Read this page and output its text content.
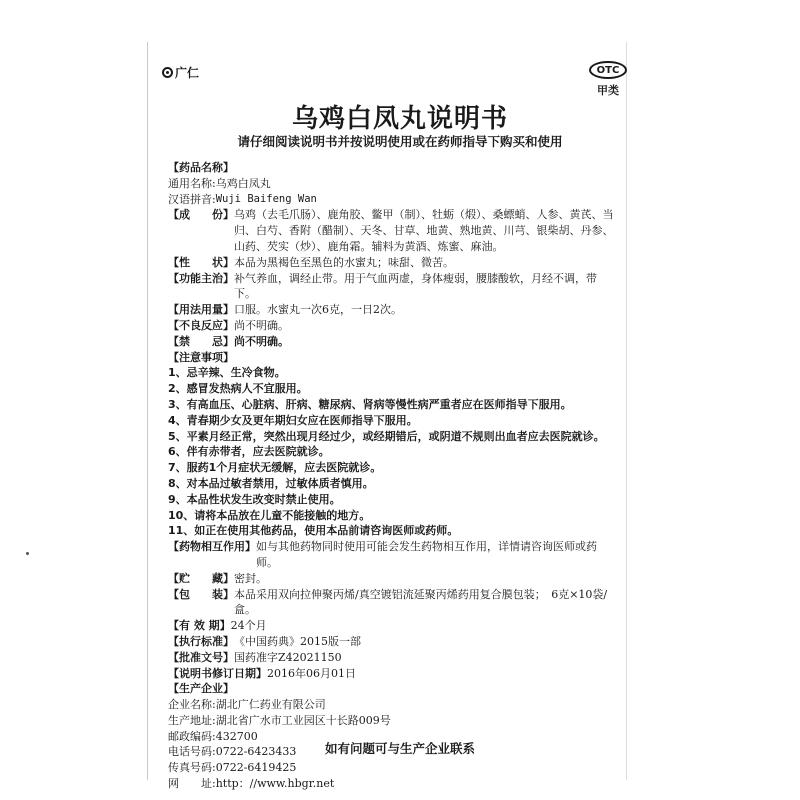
广仁	OTC
甲类
乌鸡白凤丸说明书
请仔细阅读说明书并按说明使用或在药师指导下购买和使用
【药品名称】
通用名称: 乌鸡白凤丸
汉语拼音: Wuji Baifeng Wan
【成　　份】 乌鸡（去毛爪肠）、鹿角胶、鳖甲（制）、牡蛎（煅）、桑螵蛸、人参、黄芪、当归、白芍、香附（醋制）、天冬、甘草、地黄、熟地黄、川芎、银柴胡、丹参、山药、芡实（炒）、鹿角霜。辅料为黄酒、炼蜜、麻油。
【性　　状】 本品为黑褐色至黑色的水蜜丸；味甜、微苦。
【功能主治】 补气养血，调经止带。用于气血两虚，身体瘦弱，腰膝酸软，月经不调，带下。
【用法用量】 口服。水蜜丸一次6克，一日2次。
【不良反应】 尚不明确。
【禁　　忌】 尚不明确。
【注意事项】
1、忌辛辣、生冷食物。
2、感冒发热病人不宜服用。
3、有高血压、心脏病、肝病、糖尿病、肾病等慢性病严重者应在医师指导下服用。
4、青春期少女及更年期妇女应在医师指导下服用。
5、平素月经正常，突然出现月经过少，或经期错后，或阴道不规则出血者应去医院就诊。
6、伴有赤带者，应去医院就诊。
7、服药1个月症状无缓解，应去医院就诊。
8、对本品过敏者禁用，过敏体质者慎用。
9、本品性状发生改变时禁止使用。
10、请将本品放在儿童不能接触的地方。
11、如正在使用其他药品，使用本品前请咨询医师或药师。
【药物相互作用】 如与其他药物同时使用可能会发生药物相互作用，详情请咨询医师或药师。
【贮　　藏】 密封。
【包　　装】 本品采用双向拉伸聚丙烯/真空镀铝流延聚丙烯药用复合膜包装；　6克×10袋/盒。
【有 效 期】 24个月
【执行标准】 《中国药典》2015版一部
【批准文号】 国药准字Z42021150
【说明书修订日期】 2016年06月01日
【生产企业】
企业名称: 湖北广仁药业有限公司
生产地址: 湖北省广水市工业园区十长路009号
邮政编码: 432700
电话号码: 0722-6423433
传真号码: 0722-6419425
网　　址: http：//www.hbgr.net
如有问题可与生产企业联系
